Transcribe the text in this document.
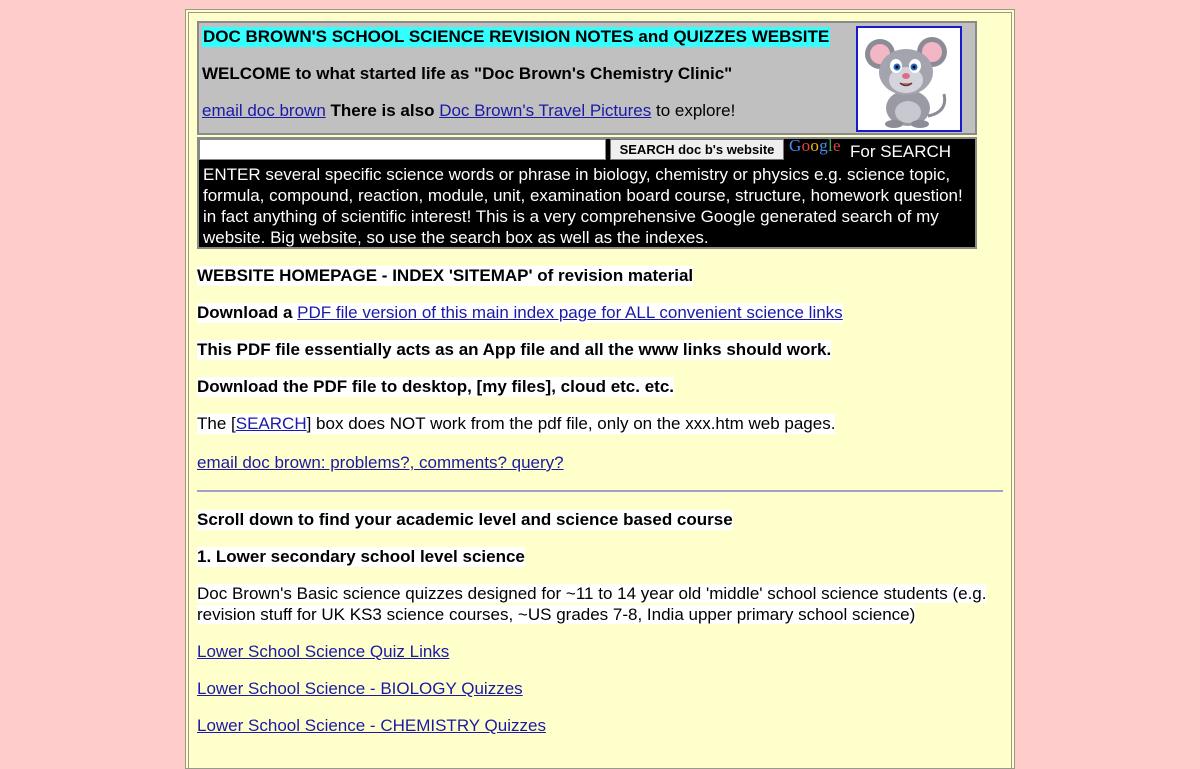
DOC BROWN'S SCHOOL SCIENCE REVISION NOTES and QUIZZES WEBSITE
WELCOME to what started life as "Doc Brown's Chemistry Clinic"
email doc brown There is also Doc Brown's Travel Pictures to explore!
SEARCH doc b's website Google For SEARCH
ENTER several specific science words or phrase in biology, chemistry or physics e.g. science topic, formula, compound, reaction, module, unit, examination board course, structure, homework question! in fact anything of scientific interest! This is a very comprehensive Google generated search of my website. Big website, so use the search box as well as the indexes.
WEBSITE HOMEPAGE - INDEX 'SITEMAP' of revision material
Download a PDF file version of this main index page for ALL convenient science links
This PDF file essentially acts as an App file and all the www links should work.
Download the PDF file to desktop, [my files], cloud etc. etc.
The [SEARCH] box does NOT work from the pdf file, only on the xxx.htm web pages.
email doc brown: problems?, comments? query?
Scroll down to find your academic level and science based course
1. Lower secondary school level science
Doc Brown's Basic science quizzes designed for ~11 to 14 year old 'middle' school science students (e.g. revision stuff for UK KS3 science courses, ~US grades 7-8, India upper primary school science)
Lower School Science Quiz Links
Lower School Science - BIOLOGY Quizzes
Lower School Science - CHEMISTRY Quizzes
